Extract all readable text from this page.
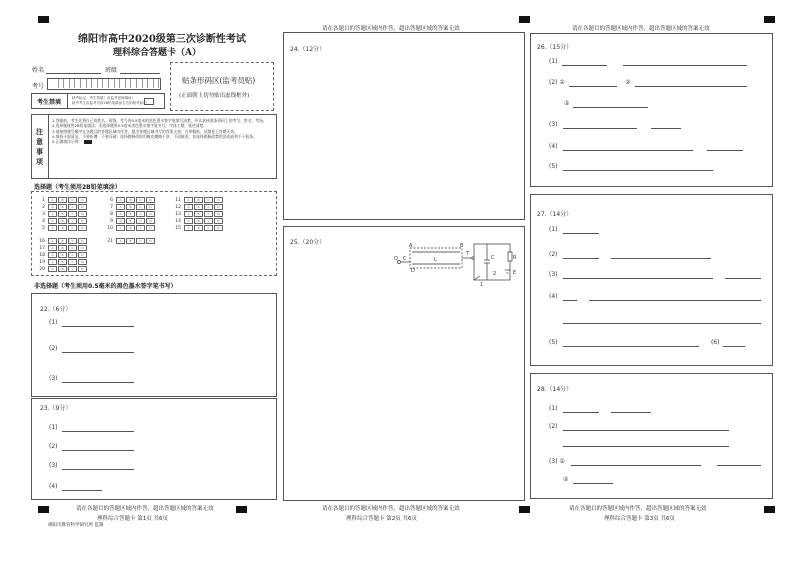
绵阳市高中2020级第三次诊断性考试
理科综合答题卡（A）
姓名	班级
考号
考生禁填
缺考标记，考生禁填！由监考老师填涂！
缺考考生由监考员用2B铅笔填涂右边的缺考标记。
贴条形码区(监考员贴)
(正面朝上切勿贴出虚线框外)
注
意
事
项
1.答题前，考生先将自己的姓名、班级、考号用0.5毫米的黑色墨水签字笔填写清楚，并认真核准条形码上的考号、姓名、考场。
2.选择题使用2B铅笔填涂；非选择题用0.5毫米黑色墨水签字笔书写，字体工整、笔迹清楚。
3.请按照题号顺序在各题目的答题区域内作答，超出答题区域书写的答案无效；在草稿纸、试题卷上答题无效。
4.保持卡面清洁，不要折叠，不要弄破；选择题修改时用橡皮擦擦干净，不留痕迹，非选择题修改禁用涂改液和不干胶条。
5.正确填涂示例：
选择题（考生须用2B铅笔填涂）
1	A	B	C	D
2	A	B	C	D
3	A	B	C	D
4	A	B	C	D
5	A	B	C	D
6	A	B	C	D
7	A	B	C	D
8	A	B	C	D
9	A	B	C	D
10	A	B	C	D
11	A	B	C	D
12	A	B	C	D
13	A	B	C	D
14	A	B	C	D
15	A	B	C	D
16	A	B	C	D
17	A	B	C	D
18	A	B	C	D
19	A	B	C	D
20	A	B	C	D
21	A	B	C	D
非选择题（考生须用0.5毫米的黑色墨水签字笔书写）
22.（6分）
(1)
(2)
(3)
23.（9分）
(1)
(2)
(3)
(4)
请在各题目的答题区域内作答，超出答题区域的答案无效
理科综合答题卡 第1页 共6页
绵阳市教育科学研究所 监制
请在各题目的答题区域内作答，超出答题区域的答案无效
24.（12分）
25.（20分）
O C
A	B
L
T
C	R
E
D
1
2
请在各题目的答题区域内作答，超出答题区域的答案无效
理科综合答题卡 第2页 共6页
请在各题目的答题区域内作答，超出答题区域的答案无效
26.（15分）
(1)
(2) ①	②
②
(3)
(4)
(5)
27.（14分）
(1)
(2)
(3)
(4)
(5)	(6)
28.（14分）
(1)
(2)
(3) ①
②
请在各题目的答题区域内作答，超出答题区域的答案无效
理科综合答题卡 第3页 共6页
